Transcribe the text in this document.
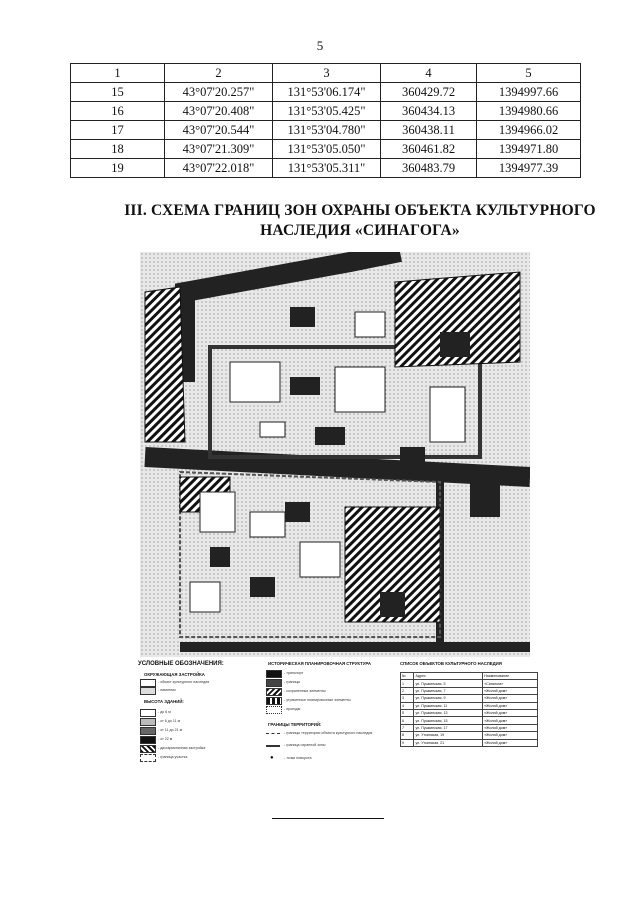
5
1	2	3	4	5
15	43°07'20.257"	131°53'06.174"	360429.72	1394997.66
16	43°07'20.408"	131°53'05.425"	360434.13	1394980.66
17	43°07'20.544"	131°53'04.780"	360438.11	1394966.02
18	43°07'21.309"	131°53'05.050"	360461.82	1394971.80
19	43°07'22.018"	131°53'05.311"	360483.79	1394977.39
III. СХЕМА ГРАНИЦ ЗОН ОХРАНЫ ОБЪЕКТА КУЛЬТУРНОГО
НАСЛЕДИЯ «СИНАГОГА»
УСЛОВНЫЕ ОБОЗНАЧЕНИЯ:
ОКРУЖАЮЩАЯ ЗАСТРОЙКА
- объект культурного наследия
- памятник
ВЫСОТА ЗДАНИЙ:
- до 6 м
- от 6 до 11 м
- от 11 до 21 м
- от 22 м
- дисгармоничная застройка
- граница участка
ИСТОРИЧЕСКАЯ ПЛАНИРОВОЧНАЯ СТРУКТУРА
- транспорт
- границы
- сохраненные элементы
- утраченные планировочные элементы
- проезды
ГРАНИЦЫ ТЕРРИТОРИЙ:
- границы территории объекта культурного наследия
- граница охранной зоны
●	- точки поворота
СПИСОК ОБЪЕКТОВ КУЛЬТУРНОГО НАСЛЕДИЯ
№	Адрес	Наименование
1	ул. Пушкинская, 5	«Синагога»
2	ул. Пушкинская, 7	«Жилой дом»
3	ул. Пушкинская, 9	«Жилой дом»
4	ул. Пушкинская, 11	«Жилой дом»
5	ул. Пушкинская, 13	«Жилой дом»
6	ул. Пушкинская, 15	«Жилой дом»
7	ул. Пушкинская, 17	«Жилой дом»
8	ул. Уткинская, 19	«Жилой дом»
9	ул. Уткинская, 21	«Жилой дом»
